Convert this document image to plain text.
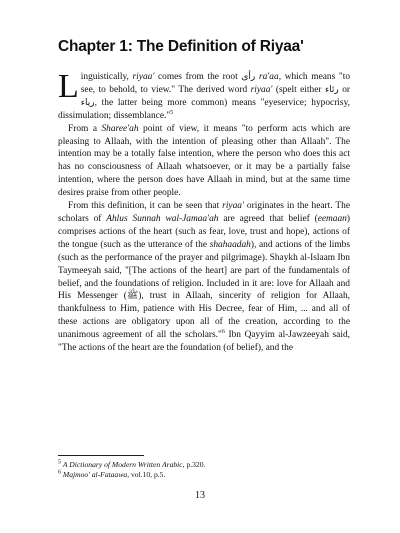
Chapter 1: The Definition of Riyaa'

Linguistically, riyaa' comes from the root رأى ra'aa, which means "to see, to behold, to view." The derived word riyaa' (spelt either رئاء or رياء, the latter being more common) means "eyeservice; hypocrisy, dissimulation; dissemblance."$^5$

From a Sharee'ah point of view, it means "to perform acts which are pleasing to Allaah, with the intention of pleasing other than Allaah". The intention may be a totally false intention, where the person who does this act has no consciousness of Allaah whatsoever, or it may be a partially false intention, where the person does have Allaah in mind, but at the same time desires praise from other people.

From this definition, it can be seen that riyaa' originates in the heart. The scholars of Ahlus Sunnah wal-Jamaa'ah are agreed that belief (eemaan) comprises actions of the heart (such as fear, love, trust and hope), actions of the tongue (such as the utterance of the shahaadah), and actions of the limbs (such as the performance of the prayer and pilgrimage). Shaykh al-Islaam Ibn Taymeeyah said, "[The actions of the heart] are part of the fundamentals of belief, and the foundations of religion. Included in it are: love for Allaah and His Messenger (ﷺ), trust in Allaah, sincerity of religion for Allaah, thankfulness to Him, patience with His Decree, fear of Him, ... and all of these actions are obligatory upon all of the creation, according to the unanimous agreement of all the scholars."$^6$ Ibn Qayyim al-Jawzeeyah said, "The actions of the heart are the foundation (of belief), and the

$^5$ A Dictionary of Modern Written Arabic, p.320.
$^6$ Majmoo' al-Fataawa, vol.10, p.5.
13
